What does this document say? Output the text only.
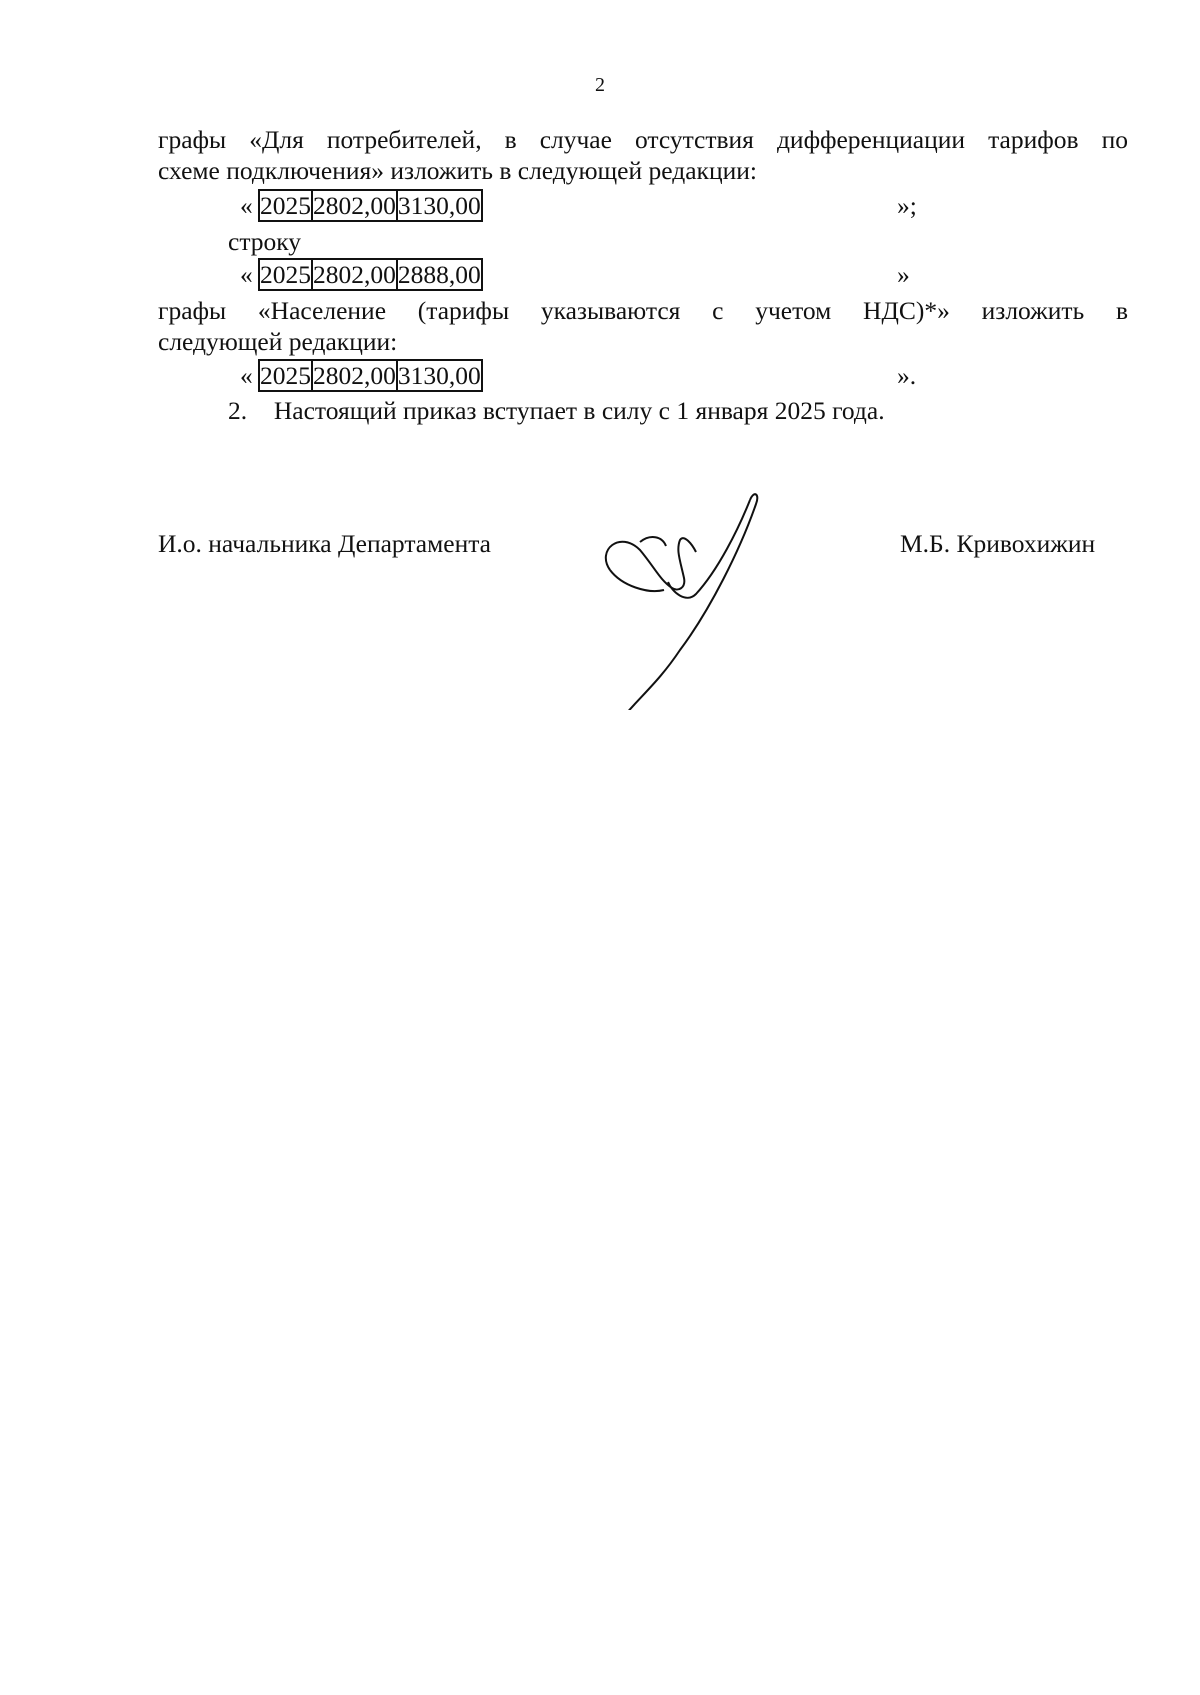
2
графы «Для потребителей, в случае отсутствия дифференциации тарифов по
схеме подключения» изложить в следующей редакции:
« 2025	2802,00	3130,00	»;
строку
« 2025	2802,00	2888,00	»
графы «Население (тарифы указываются с учетом НДС)*» изложить в
следующей редакции:
« 2025	2802,00	3130,00	».
2. Настоящий приказ вступает в силу с 1 января 2025 года.
И.о. начальника Департамента	М.Б. Кривохижин
